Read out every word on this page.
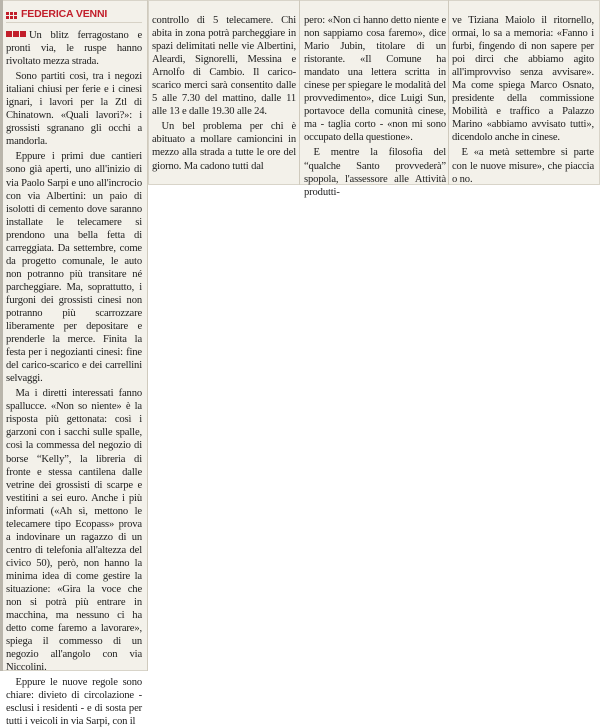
FEDERICA VENNI

Un blitz ferragostano e pronti via, le ruspe hanno rivoltato mezza strada.

Sono partiti così, tra i negozi italiani chiusi per ferie e i cinesi ignari, i lavori per la Ztl di Chinatown. «Quali lavori?»: i grossisti sgranano gli occhi a mandorla.

Eppure i primi due cantieri sono già aperti, uno all'inizio di via Paolo Sarpi e uno all'incrocio con via Albertini: un paio di isolotti di cemento dove saranno installate le telecamere si prendono una bella fetta di carreggiata. Da settembre, come da progetto comunale, le auto non potranno più transitare né parcheggiare. Ma, soprattutto, i furgoni dei grossisti cinesi non potranno più scarrozzare liberamente per depositare e prenderle la merce. Finita la festa per i negozianti cinesi: fine del carico-scarico e dei carrellini selvaggi.

Ma i diretti interessati fanno spallucce. «Non so niente» è la risposta più gettonata: così i garzoni con i sacchi sulle spalle, così la commessa del negozio di borse “Kelly”, la libreria di fronte e stessa cantilena dalle vetrine dei grossisti di scarpe e vestitini a sei euro. Anche i più informati («Ah sì, mettono le telecamere tipo Ecopass» prova a indovinare un ragazzo di un centro di telefonia all'altezza del civico 50), però, non hanno la minima idea di come gestire la situazione: «Gira la voce che non si potrà più entrare in macchina, ma nessuno ci ha detto come faremo a lavorare», spiega il commesso di un negozio all'angolo con via Niccolini.

Eppure le nuove regole sono chiare: divieto di circolazione - esclusi i residenti - e di sosta per tutti i veicoli in via Sarpi, con il

controllo di 5 telecamere. Chi abita in zona potrà parcheggiare in spazi delimitati nelle vie Albertini, Aleardi, Signorelli, Messina e Arnolfo di Cambio. Il carico-scarico merci sarà consentito dalle 5 alle 7.30 del mattino, dalle 11 alle 13 e dalle 19.30 alle 24.

Un bel problema per chi è abituato a mollare camioncini in mezzo alla strada a tutte le ore del giorno. Ma cadono tutti dal

pero: «Non ci hanno detto niente e non sappiamo cosa faremo», dice Mario Jubin, titolare di un ristorante. «Il Comune ha mandato una lettera scritta in cinese per spiegare le modalità del provvedimento», dice Luigi Sun, portavoce della comunità cinese, ma - taglia corto - «non mi sono occupato della questione».

E mentre la filosofia del “qualche Santo provvederà” spopola, l'assessore alle Attività produtti-

ve Tiziana Maiolo il ritornello, ormai, lo sa a memoria: «Fanno i furbi, fingendo di non sapere per poi dirci che abbiamo agito all'improvviso senza avvisare». Ma come spiega Marco Osnato, presidente della commissione Mobilità e traffico a Palazzo Marino «abbiamo avvisato tutti», dicendolo anche in cinese.

E «a metà settembre si parte con le nuove misure», che piaccia o no.
